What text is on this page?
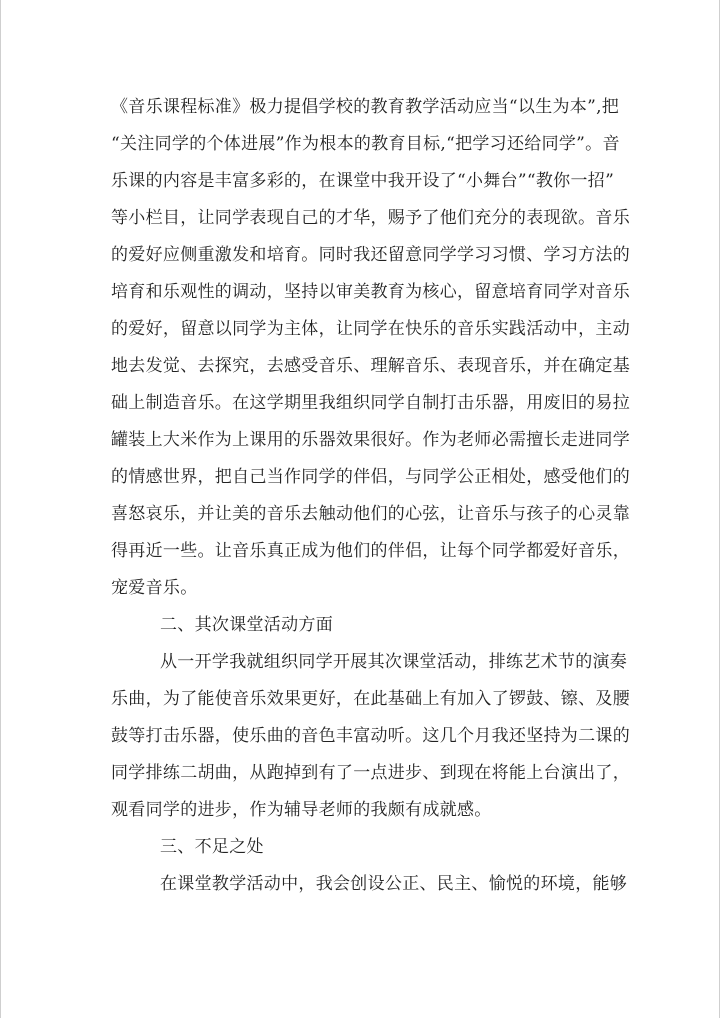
《音乐课程标准》极力提倡学校的教育教学活动应当“以生为本”,把
“关注同学的个体进展”作为根本的教育目标,“把学习还给同学”。音
乐课的内容是丰富多彩的，在课堂中我开设了“小舞台”“教你一招”
等小栏目，让同学表现自己的才华，赐予了他们充分的表现欲。音乐
的爱好应侧重激发和培育。同时我还留意同学学习习惯、学习方法的
培育和乐观性的调动，坚持以审美教育为核心，留意培育同学对音乐
的爱好，留意以同学为主体，让同学在快乐的音乐实践活动中，主动
地去发觉、去探究，去感受音乐、理解音乐、表现音乐，并在确定基
础上制造音乐。在这学期里我组织同学自制打击乐器，用废旧的易拉
罐装上大米作为上课用的乐器效果很好。作为老师必需擅长走进同学
的情感世界，把自己当作同学的伴侣，与同学公正相处，感受他们的
喜怒哀乐，并让美的音乐去触动他们的心弦，让音乐与孩子的心灵靠
得再近一些。让音乐真正成为他们的伴侣，让每个同学都爱好音乐，
宠爱音乐。
二、其次课堂活动方面
从一开学我就组织同学开展其次课堂活动，排练艺术节的演奏
乐曲，为了能使音乐效果更好，在此基础上有加入了锣鼓、镲、及腰
鼓等打击乐器，使乐曲的音色丰富动听。这几个月我还坚持为二课的
同学排练二胡曲，从跑掉到有了一点进步、到现在将能上台演出了，
观看同学的进步，作为辅导老师的我颇有成就感。
三、不足之处
在课堂教学活动中，我会创设公正、民主、愉悦的环境，能够
